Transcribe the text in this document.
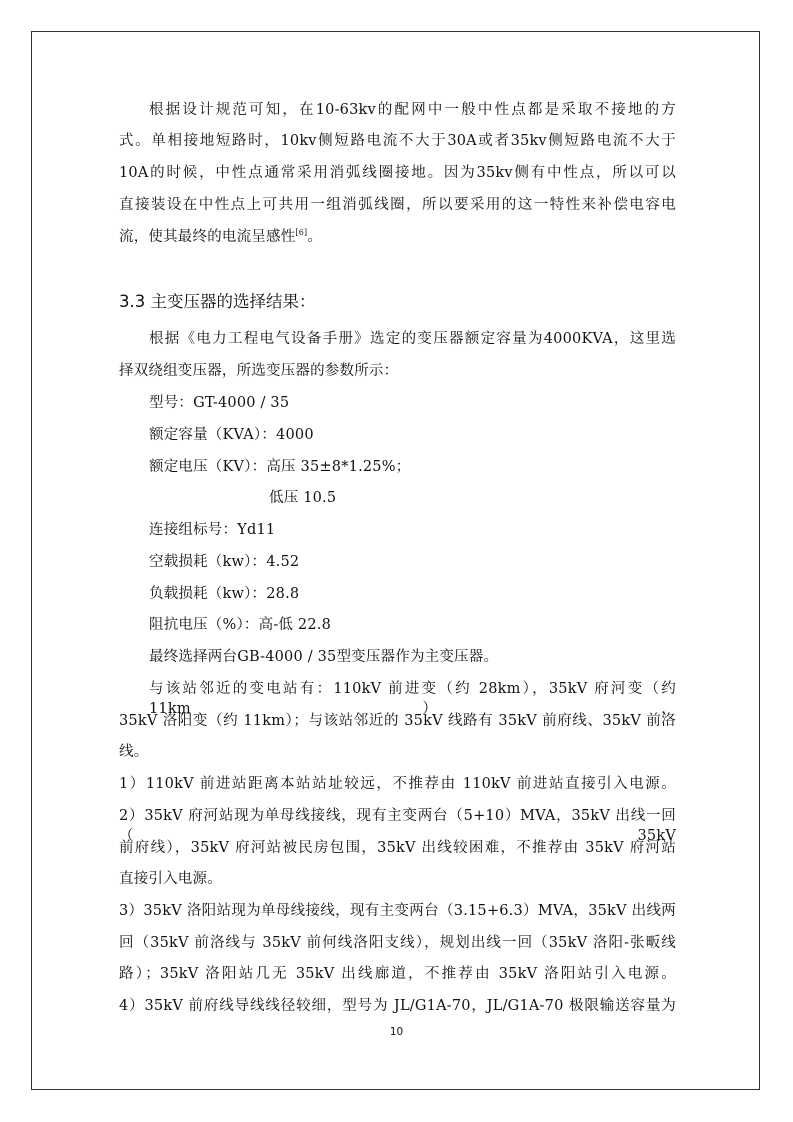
根据设计规范可知，在10-63kv的配网中一般中性点都是采取不接地的方
式。单相接地短路时，10kv侧短路电流不大于30A或者35kv侧短路电流不大于
10A的时候，中性点通常采用消弧线圈接地。因为35kv侧有中性点，所以可以
直接装设在中性点上可共用一组消弧线圈，所以要采用的这一特性来补偿电容电
流，使其最终的电流呈感性[6]。
3.3 主变压器的选择结果：
根据《电力工程电气设备手册》选定的变压器额定容量为4000KVA，这里选
择双绕组变压器，所选变压器的参数所示：
型号：GT-4000 / 35
额定容量（KVA）：4000
额定电压（KV）：高压 35±8*1.25%；
低压 10.5
连接组标号：Yd11
空载损耗（kw）：4.52
负载损耗（kw）：28.8
阻抗电压（%）：高-低 22.8
最终选择两台GB-4000 / 35型变压器作为主变压器。
与该站邻近的变电站有：110kV 前进变（约 28km），35kV 府河变（约 11km），
35kV 洛阳变（约 11km）；与该站邻近的 35kV 线路有 35kV 前府线、35kV 前洛
线。
1）110kV 前进站距离本站站址较远，不推荐由 110kV 前进站直接引入电源。
2）35kV 府河站现为单母线接线，现有主变两台（5+10）MVA，35kV 出线一回（35kV
前府线），35kV 府河站被民房包围，35kV 出线较困难，不推荐由 35kV 府河站
直接引入电源。
3）35kV 洛阳站现为单母线接线，现有主变两台（3.15+6.3）MVA，35kV 出线两
回（35kV 前洛线与 35kV 前何线洛阳支线），规划出线一回（35kV 洛阳-张畈线
路）；35kV 洛阳站几无 35kV 出线廊道，不推荐由 35kV 洛阳站引入电源。
4）35kV 前府线导线线径较细，型号为 JL/G1A-70，JL/G1A-70 极限输送容量为
10
